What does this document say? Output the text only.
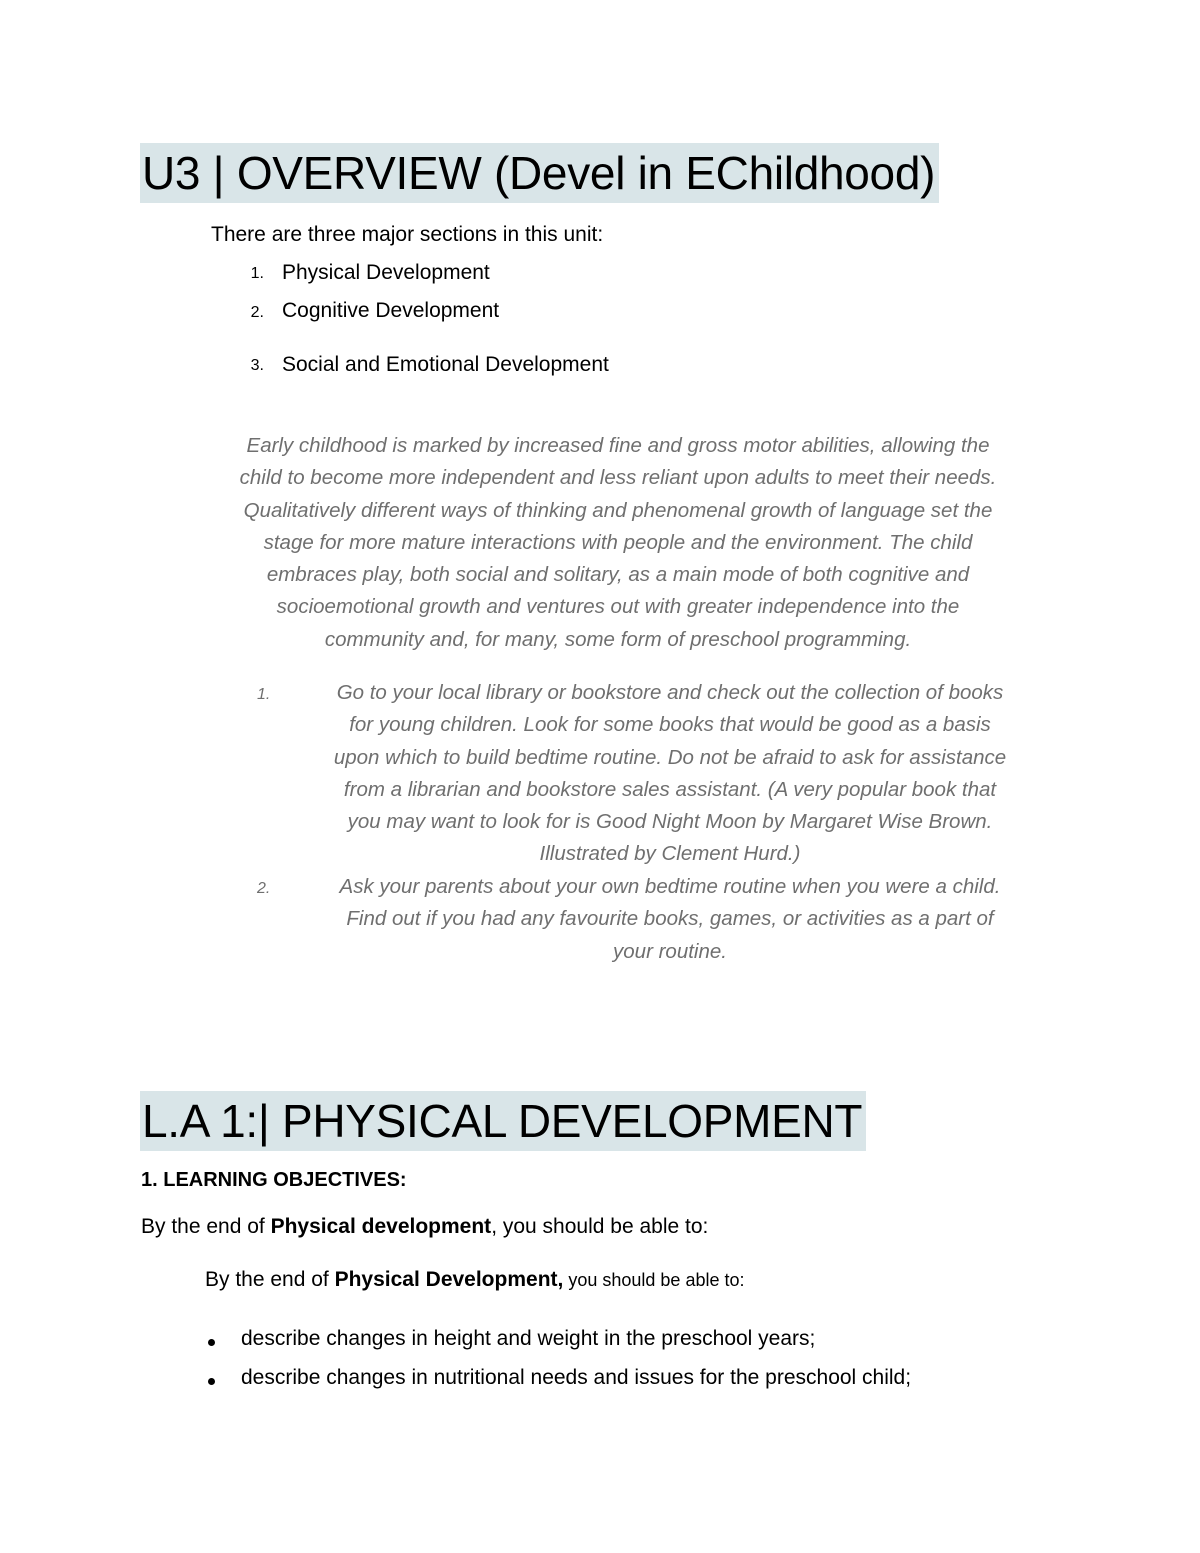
U3 | OVERVIEW (Devel in EChildhood)
There are three major sections in this unit:
1. Physical Development
2. Cognitive Development
3. Social and Emotional Development
Early childhood is marked by increased fine and gross motor abilities, allowing the
child to become more independent and less reliant upon adults to meet their needs.
Qualitatively different ways of thinking and phenomenal growth of language set the
stage for more mature interactions with people and the environment. The child
embraces play, both social and solitary, as a main mode of both cognitive and
socioemotional growth and ventures out with greater independence into the
community and, for many, some form of preschool programming.
1.	Go to your local library or bookstore and check out the collection of books
for young children. Look for some books that would be good as a basis
upon which to build bedtime routine. Do not be afraid to ask for assistance
from a librarian and bookstore sales assistant. (A very popular book that
you may want to look for is Good Night Moon by Margaret Wise Brown.
Illustrated by Clement Hurd.)
2.	Ask your parents about your own bedtime routine when you were a child.
Find out if you had any favourite books, games, or activities as a part of
your routine.
L.A 1:| PHYSICAL DEVELOPMENT
1. LEARNING OBJECTIVES:
By the end of Physical development, you should be able to:
By the end of Physical Development, you should be able to:
describe changes in height and weight in the preschool years;
describe changes in nutritional needs and issues for the preschool child;
